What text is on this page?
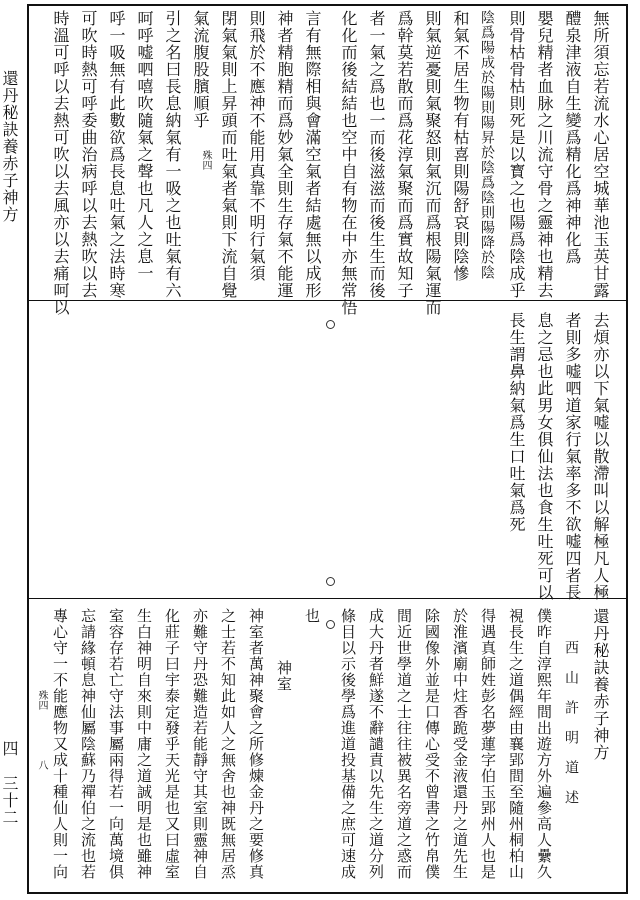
還丹秘訣養赤子神方
四
三十二
無所須忘若流水心居空城華池玉英甘露
醴泉津液自生變爲精化爲神神化爲
嬰兒精者血脉之川流守骨之靈神也精去
則骨枯骨枯則死是以寳之也陽爲陰成乎
陰爲陽成於陽則陽昇於陰爲陰則陽降於陰
和氣不居生物有枯喜則陽舒哀則陰慘
則氣逆憂則氣聚怒則氣沉而爲根陽氣運而
爲幹莫若散而爲花淳氣聚而爲實故知子
者一氣之爲也一而後滋滋而後生生而後
化化而後結結也空中自有物在中亦無常悟
言有無際相與會滿空氣者結處無以成形
神者精胞精而爲妙氣全則生存氣不能運
則飛於不應神不能用真靠不明行氣須
閉氣氣則上昇頭而吐氣者氣則下流自覺
氣流腹股臏順乎
殊四
引之名曰長息納氣有一吸之也吐氣有六
呵呼嘘呬嘻吹隨氣之聲也凡人之息一
呼一吸無有此數欲爲長息吐氣之法時寒
可吹時熱可呼委曲治病呼以去熱吹以去
時溫可呼以去熱可吹以去風亦以去痛呵以
去煩亦以下氣嘘以散滯叫以解極凡人極
者則多嘘呬道家行氣率多不欲嘘四者長
息之忌也此男女俱仙法也食生吐死可以
長生謂鼻納氣爲生口吐氣爲死
還丹秘訣養赤子神方
西　山　許　明　道　述
僕昨自淳熙年間出遊方外遍參高人纍久
視長生之道偶經由襄郢間至隨州桐柏山
得遇真師姓彭名夢蓮字伯玉郢州人也是
於淮濱廟中炷香跪受金液還丹之道先生
除國像外並是口傳心受不曾書之竹帛僕
間近世學道之士往往被異名旁道之惑而
成大丹者鮮遂不辭譴責以先生之道分列
條目以示後學爲進道投基備之庶可速成
也
神室
神室者萬神聚會之所修煉金丹之要修真
之士若不知此如人之無舍也神既無居烝
亦難守丹恐難造若能靜守其室則靈神自
化莊子曰宇泰定發乎天光是也又曰虛室
生白神明自來則中庸之道誠明是也雖神
室容存若亡守法事屬兩得若一向萬境俱
忘請緣頓息神仙屬陰蘇乃禪伯之流也若
專心守一不能應物又成十種仙人則一向
殊四
八
